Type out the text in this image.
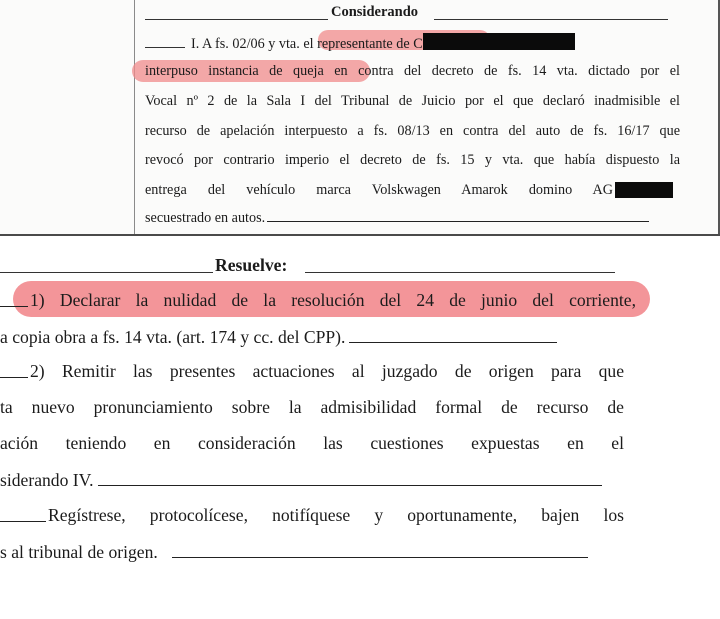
Considerando
I. A fs. 02/06 y vta. el representante de C
interpuso instancia de queja en contra del decreto de fs. 14 vta. dictado por el
Vocal nº 2 de la Sala I del Tribunal de Juicio por el que declaró inadmisible el
recurso de apelación interpuesto a fs. 08/13 en contra del auto de fs. 16/17 que
revocó por contrario imperio el decreto de fs. 15 y vta. que había dispuesto la
entrega del vehículo marca Volskwagen Amarok domino AG
secuestrado en autos.
Resuelve:
1) Declarar la nulidad de la resolución del 24 de junio del corriente,
a copia obra a fs. 14 vta. (art. 174 y cc. del CPP).
2) Remitir las presentes actuaciones al juzgado de origen para que
ta nuevo pronunciamiento sobre la admisibilidad formal de recurso de
ación teniendo en consideración las cuestiones expuestas en el
siderando IV.
Regístrese, protocolícese, notifíquese y oportunamente, bajen los
s al tribunal de origen.
